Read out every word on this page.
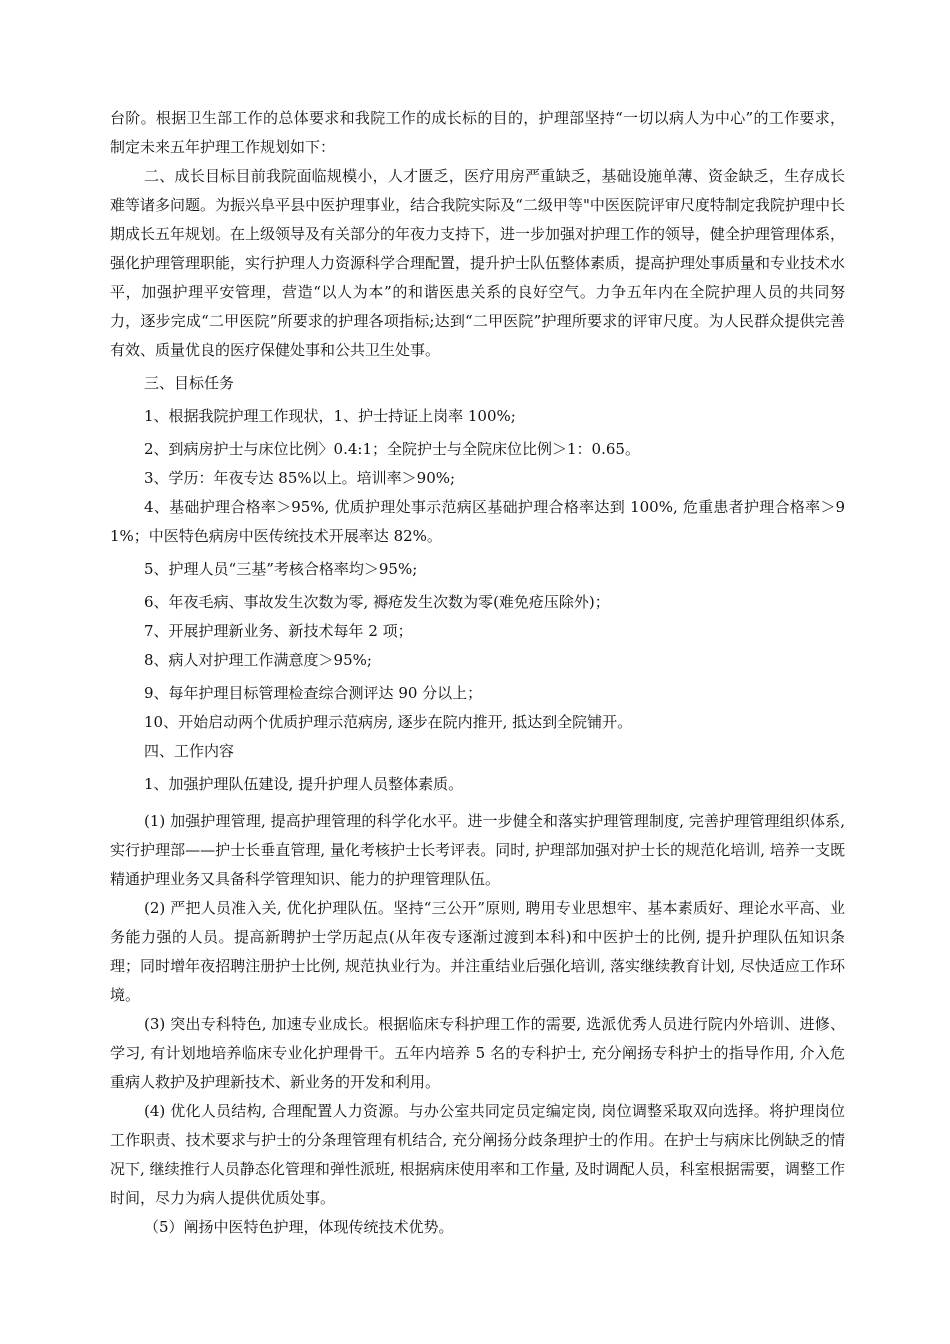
台阶。根据卫生部工作的总体要求和我院工作的成长标的目的，护理部坚持“一切以病人为中心”的工作要求，制定未来五年护理工作规划如下：

二、成长目标目前我院面临规模小，人才匮乏，医疗用房严重缺乏，基础设施单薄、资金缺乏，生存成长难等诸多问题。为振兴阜平县中医护理事业，结合我院实际及“二级甲等"中医医院评审尺度特制定我院护理中长期成长五年规划。在上级领导及有关部分的年夜力支持下，进一步加强对护理工作的领导，健全护理管理体系，强化护理管理职能，实行护理人力资源科学合理配置，提升护士队伍整体素质，提高护理处事质量和专业技术水平，加强护理平安管理，营造“以人为本”的和谐医患关系的良好空气。力争五年内在全院护理人员的共同努力，逐步完成“二甲医院”所要求的护理各项指标;达到“二甲医院”护理所要求的评审尺度。为人民群众提供完善有效、质量优良的医疗保健处事和公共卫生处事。

三、目标任务

1、根据我院护理工作现状，1、护士持证上岗率 100%;

2、到病房护士与床位比例〉0.4:1；全院护士与全院床位比例＞1：0.65。

3、学历：年夜专达 85%以上。培训率＞90%;

4、基础护理合格率＞95%, 优质护理处事示范病区基础护理合格率达到 100%, 危重患者护理合格率＞91%；中医特色病房中医传统技术开展率达 82%。

5、护理人员“三基”考核合格率均＞95%;

6、年夜毛病、事故发生次数为零, 褥疮发生次数为零(难免疮压除外)；

7、开展护理新业务、新技术每年 2 项；

8、病人对护理工作满意度＞95%;

9、每年护理目标管理检查综合测评达 90 分以上；

10、开始启动两个优质护理示范病房, 逐步在院内推开, 抵达到全院铺开。

四、工作内容

1、加强护理队伍建设, 提升护理人员整体素质。

(1) 加强护理管理, 提高护理管理的科学化水平。进一步健全和落实护理管理制度, 完善护理管理组织体系, 实行护理部——护士长垂直管理, 量化考核护士长考评表。同时, 护理部加强对护士长的规范化培训, 培养一支既精通护理业务又具备科学管理知识、能力的护理管理队伍。

(2) 严把人员准入关, 优化护理队伍。坚持“三公开”原则, 聘用专业思想牢、基本素质好、理论水平高、业务能力强的人员。提高新聘护士学历起点(从年夜专逐渐过渡到本科)和中医护士的比例, 提升护理队伍知识条理；同时增年夜招聘注册护士比例, 规范执业行为。并注重结业后强化培训, 落实继续教育计划, 尽快适应工作环境。

(3) 突出专科特色, 加速专业成长。根据临床专科护理工作的需要, 选派优秀人员进行院内外培训、进修、学习, 有计划地培养临床专业化护理骨干。五年内培养 5 名的专科护士, 充分阐扬专科护士的指导作用, 介入危重病人救护及护理新技术、新业务的开发和利用。

(4) 优化人员结构, 合理配置人力资源。与办公室共同定员定编定岗, 岗位调整采取双向选择。将护理岗位工作职责、技术要求与护士的分条理管理有机结合, 充分阐扬分歧条理护士的作用。在护士与病床比例缺乏的情况下, 继续推行人员静态化管理和弹性派班, 根据病床使用率和工作量, 及时调配人员，科室根据需要，调整工作时间，尽力为病人提供优质处事。

（5）阐扬中医特色护理，体现传统技术优势。
